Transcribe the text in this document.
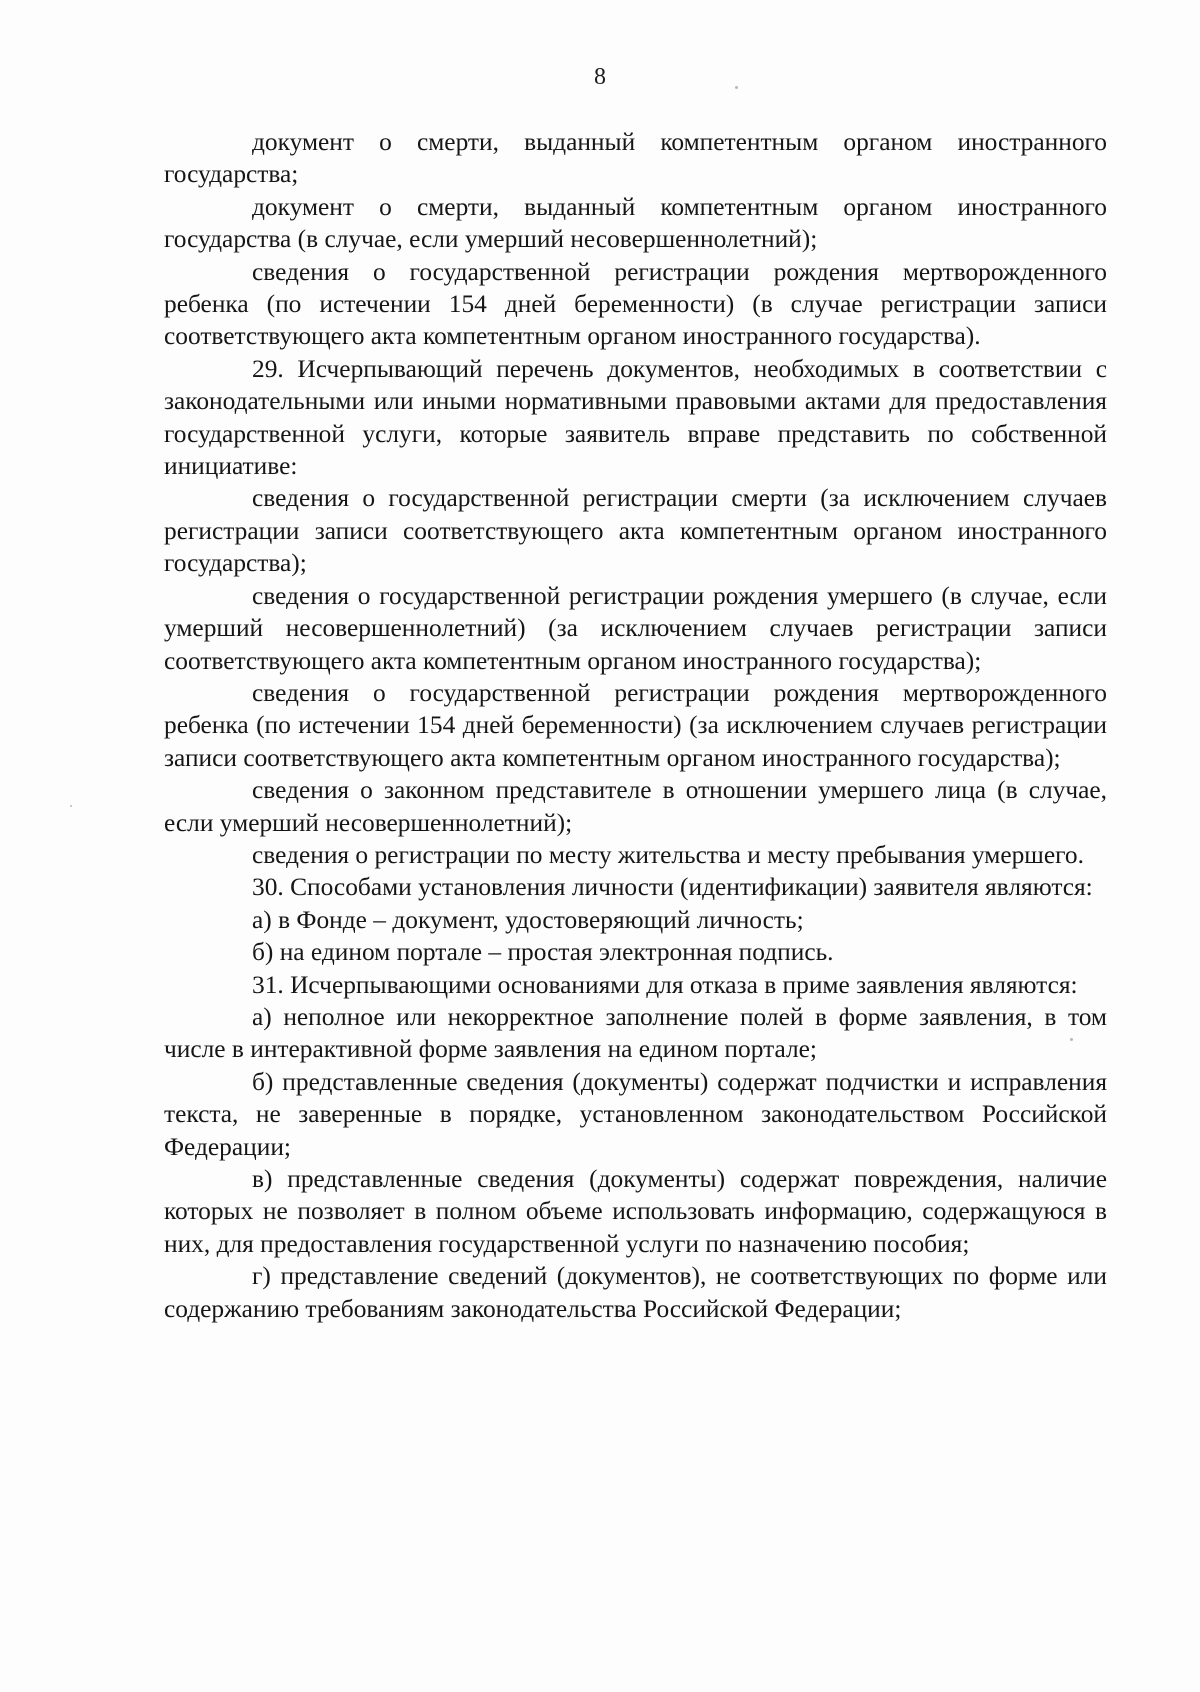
8

документ о смерти, выданный компетентным органом иностранного государства;

документ о смерти, выданный компетентным органом иностранного государства (в случае, если умерший несовершеннолетний);

сведения о государственной регистрации рождения мертворожденного ребенка (по истечении 154 дней беременности) (в случае регистрации записи соответствующего акта компетентным органом иностранного государства).

29. Исчерпывающий перечень документов, необходимых в соответствии с законодательными или иными нормативными правовыми актами для предоставления государственной услуги, которые заявитель вправе представить по собственной инициативе:

сведения о государственной регистрации смерти (за исключением случаев регистрации записи соответствующего акта компетентным органом иностранного государства);

сведения о государственной регистрации рождения умершего (в случае, если умерший несовершеннолетний) (за исключением случаев регистрации записи соответствующего акта компетентным органом иностранного государства);

сведения о государственной регистрации рождения мертворожденного ребенка (по истечении 154 дней беременности) (за исключением случаев регистрации записи соответствующего акта компетентным органом иностранного государства);

сведения о законном представителе в отношении умершего лица (в случае, если умерший несовершеннолетний);

сведения о регистрации по месту жительства и месту пребывания умершего.

30. Способами установления личности (идентификации) заявителя являются:

а) в Фонде – документ, удостоверяющий личность;

б) на едином портале – простая электронная подпись.

31. Исчерпывающими основаниями для отказа в приме заявления являются:

а) неполное или некорректное заполнение полей в форме заявления, в том числе в интерактивной форме заявления на едином портале;

б) представленные сведения (документы) содержат подчистки и исправления текста, не заверенные в порядке, установленном законодательством Российской Федерации;

в) представленные сведения (документы) содержат повреждения, наличие которых не позволяет в полном объеме использовать информацию, содержащуюся в них, для предоставления государственной услуги по назначению пособия;

г) представление сведений (документов), не соответствующих по форме или содержанию требованиям законодательства Российской Федерации;
